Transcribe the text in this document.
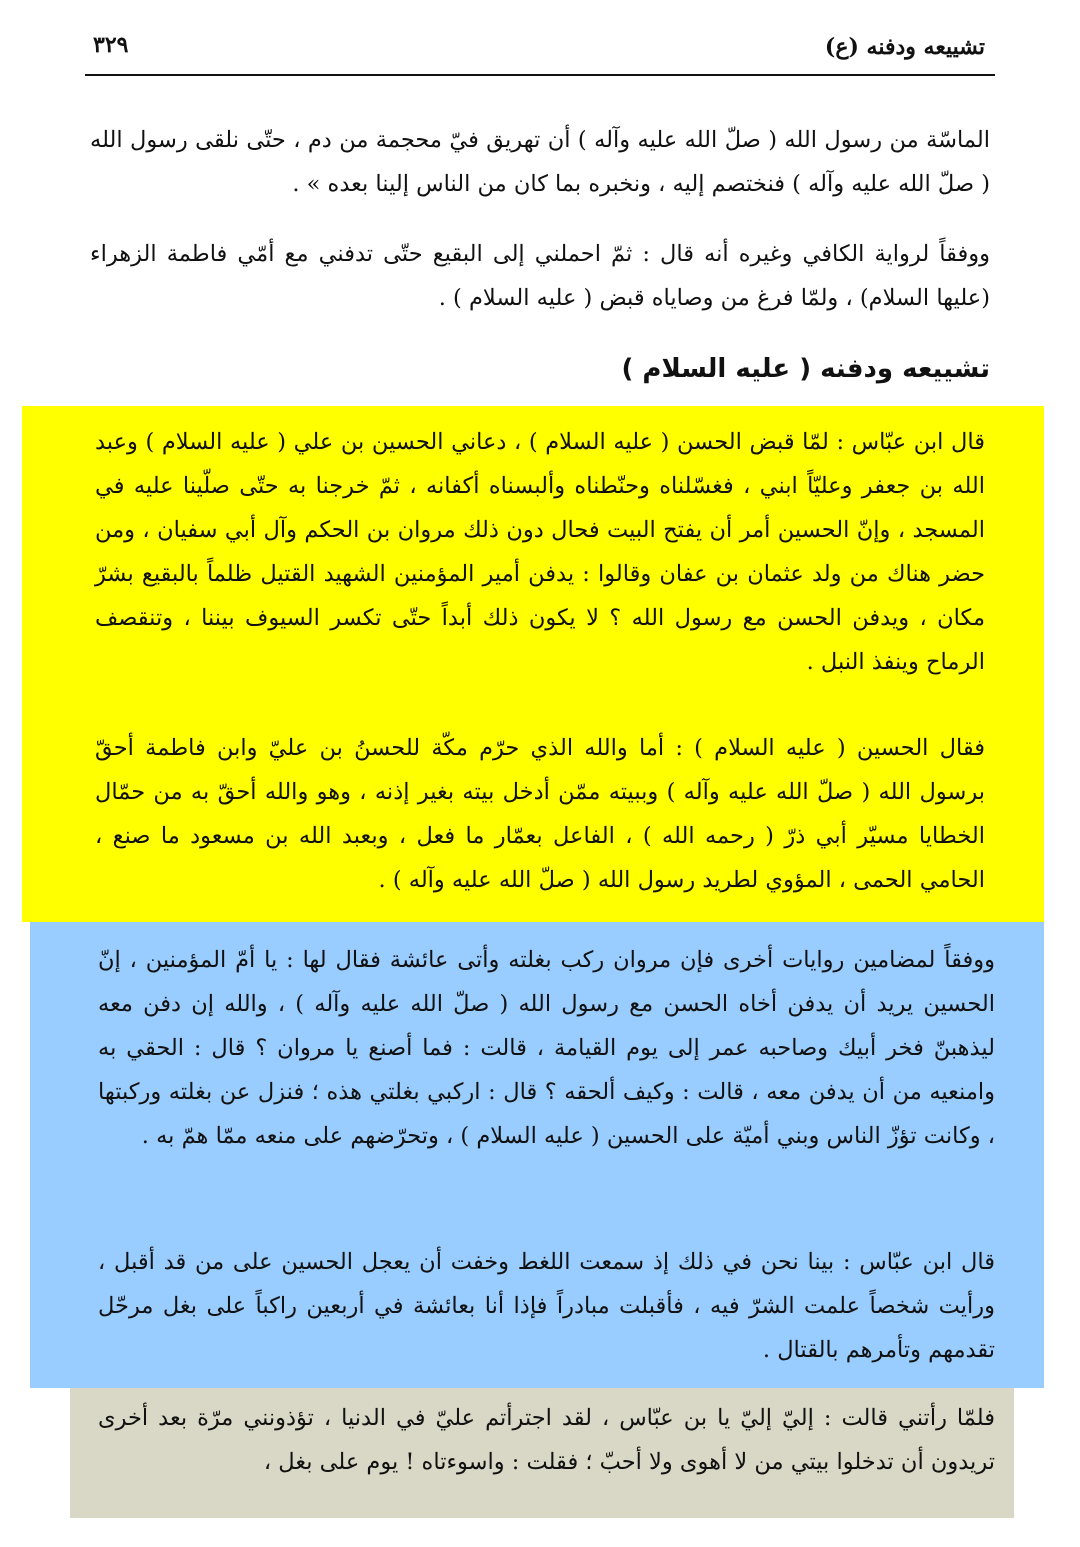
تشييعه ودفنه (ع)
٣٢٩
الماسّة من رسول الله ( صلّ الله عليه وآله ) أن تهريق فيّ محجمة من دم ، حتّى نلقى رسول الله ( صلّ الله عليه وآله ) فنختصم إليه ، ونخبره بما كان من الناس إلينا بعده » .
ووفقاً لرواية الكافي وغيره أنه قال : ثمّ احملني إلى البقيع حتّى تدفني مع أمّي فاطمة الزهراء (عليها السلام) ، ولمّا فرغ من وصاياه قبض ( عليه السلام ) .
تشييعه ودفنه ( عليه السلام )
قال ابن عبّاس : لمّا قبض الحسن ( عليه السلام ) ، دعاني الحسين بن علي ( عليه السلام ) وعبد الله بن جعفر وعليّاً ابني ، فغسّلناه وحنّطناه وألبسناه أكفانه ، ثمّ خرجنا به حتّى صلّينا عليه في المسجد ، وإنّ الحسين أمر أن يفتح البيت فحال دون ذلك مروان بن الحكم وآل أبي سفيان ، ومن حضر هناك من ولد عثمان بن عفان وقالوا : يدفن أمير المؤمنين الشهيد القتيل ظلماً بالبقيع بشرّ مكان ، ويدفن الحسن مع رسول الله ؟ لا يكون ذلك أبداً حتّى تكسر السيوف بيننا ، وتنقصف الرماح وينفذ النبل .
فقال الحسين ( عليه السلام ) : أما والله الذي حرّم مكّة للحسنُ بن عليّ وابن فاطمة أحقّ برسول الله ( صلّ الله عليه وآله ) وببيته ممّن أدخل بيته بغير إذنه ، وهو والله أحقّ به من حمّال الخطايا مسيّر أبي ذرّ ( رحمه الله ) ، الفاعل بعمّار ما فعل ، وبعبد الله بن مسعود ما صنع ، الحامي الحمى ، المؤوي لطريد رسول الله ( صلّ الله عليه وآله ) .
ووفقاً لمضامين روايات أخرى فإن مروان ركب بغلته وأتى عائشة فقال لها : يا أمّ المؤمنين ، إنّ الحسين يريد أن يدفن أخاه الحسن مع رسول الله ( صلّ الله عليه وآله ) ، والله إن دفن معه ليذهبنّ فخر أبيك وصاحبه عمر إلى يوم القيامة ، قالت : فما أصنع يا مروان ؟ قال : الحقي به وامنعيه من أن يدفن معه ، قالت : وكيف ألحقه ؟ قال : اركبي بغلتي هذه ؛ فنزل عن بغلته وركبتها ، وكانت تؤزّ الناس وبني أميّة على الحسين ( عليه السلام ) ، وتحرّضهم على منعه ممّا همّ به .
قال ابن عبّاس : بينا نحن في ذلك إذ سمعت اللغط وخفت أن يعجل الحسين على من قد أقبل ، ورأيت شخصاً علمت الشرّ فيه ، فأقبلت مبادراً فإذا أنا بعائشة في أربعين راكباً على بغل مرحّل تقدمهم وتأمرهم بالقتال .
فلمّا رأتني قالت : إليّ إليّ يا بن عبّاس ، لقد اجترأتم عليّ في الدنيا ، تؤذونني مرّة بعد أخرى تريدون أن تدخلوا بيتي من لا أهوى ولا أحبّ ؛ فقلت : واسوءتاه ! يوم على بغل ،
